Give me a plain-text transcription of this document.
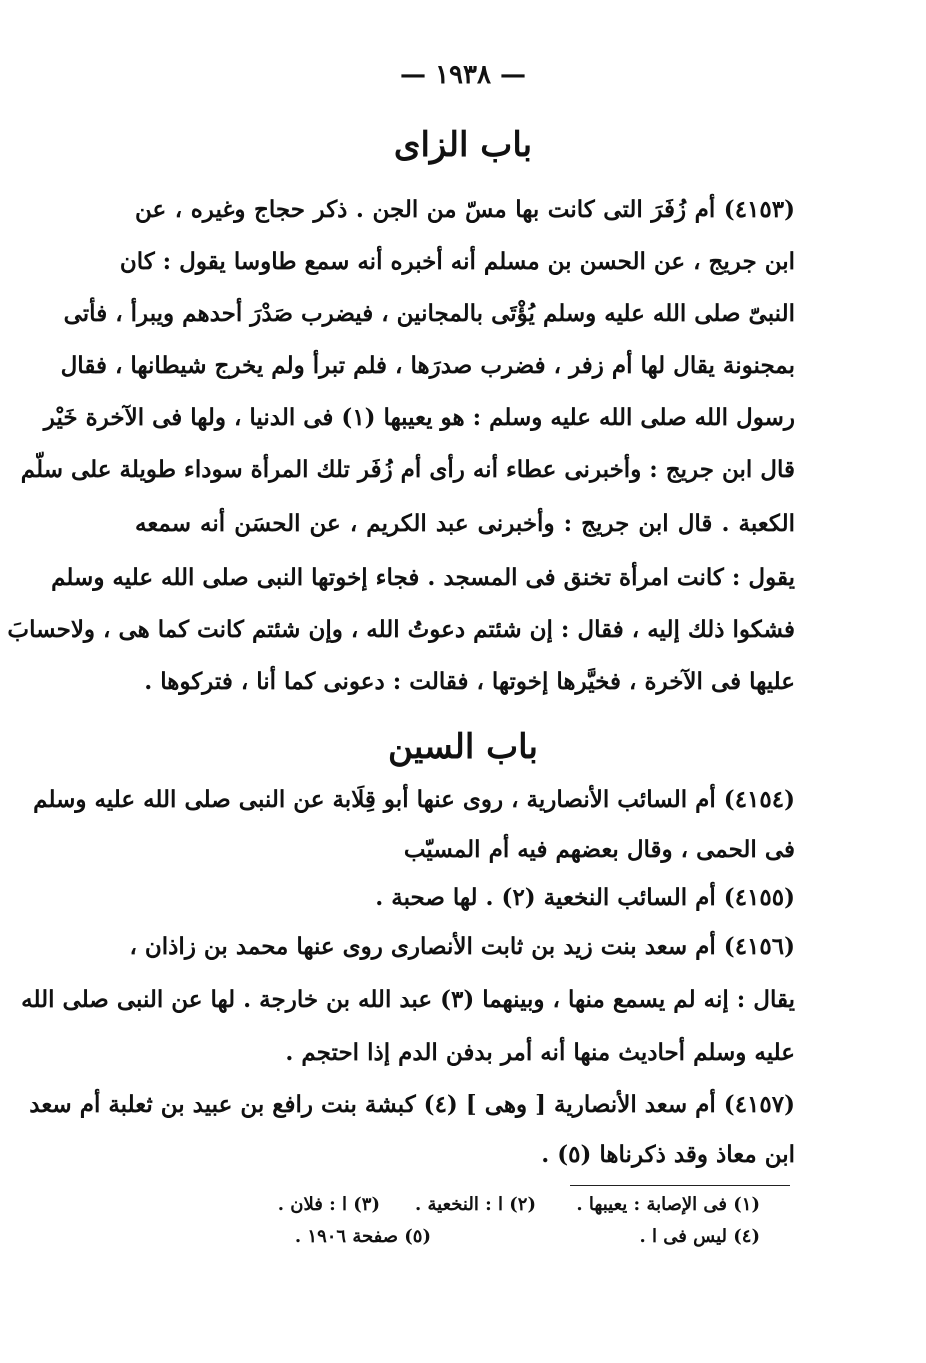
— ١٩٣٨ —
باب الزاى
(٤١٥٣) أم زُفَرَ التى كانت بها مسّ من الجن . ذكر حجاج وغيره ، عن
ابن جريج ، عن الحسن بن مسلم أنه أخبره أنه سمع طاوسا يقول : كان
النبىّ صلى الله عليه وسلم يُؤْتَى بالمجانين ، فيضرب صَدْرَ أحدهم ويبرأ ، فأتى
بمجنونة يقال لها أم زفر ، فضرب صدرَها ، فلم تبرأ ولم يخرج شيطانها ، فقال
رسول الله صلى الله عليه وسلم : هو يعيبها (١) فى الدنيا ، ولها فى الآخرة خَيْر
قال ابن جريج : وأخبرنى عطاء أنه رأى أم زُفَر تلك المرأة سوداء طويلة على سلّم
الكعبة . قال ابن جريج : وأخبرنى عبد الكريم ، عن الحسَن أنه سمعه
يقول : كانت امرأة تخنق فى المسجد . فجاء إخوتها النبى صلى الله عليه وسلم
فشكوا ذلك إليه ، فقال : إن شئتم دعوتُ الله ، وإن شئتم كانت كما هى ، ولاحسابَ
عليها فى الآخرة ، فخيَّرها إخوتها ، فقالت : دعونى كما أنا ، فتركوها .
باب السين
(٤١٥٤) أم السائب الأنصارية ، روى عنها أبو قِلَابة عن النبى صلى الله عليه وسلم
فى الحمى ، وقال بعضهم فيه أم المسيّب
(٤١٥٥) أم السائب النخعية (٢) . لها صحبة .
(٤١٥٦) أم سعد بنت زيد بن ثابت الأنصارى روى عنها محمد بن زاذان ،
يقال : إنه لم يسمع منها ، وبينهما (٣) عبد الله بن خارجة . لها عن النبى صلى الله
عليه وسلم أحاديث منها أنه أمر بدفن الدم إذا احتجم .
(٤١٥٧) أم سعد الأنصارية [ وهى ] (٤) كبشة بنت رافع بن عبيد بن ثعلبة أم سعد
ابن معاذ وقد ذكرناها (٥) .
(١) فى الإصابة : يعيبها .
(٢) ا : النخعية .
(٣) ا : فلان .
(٤) ليس فى ا .
(٥) صفحة ١٩٠٦ .
